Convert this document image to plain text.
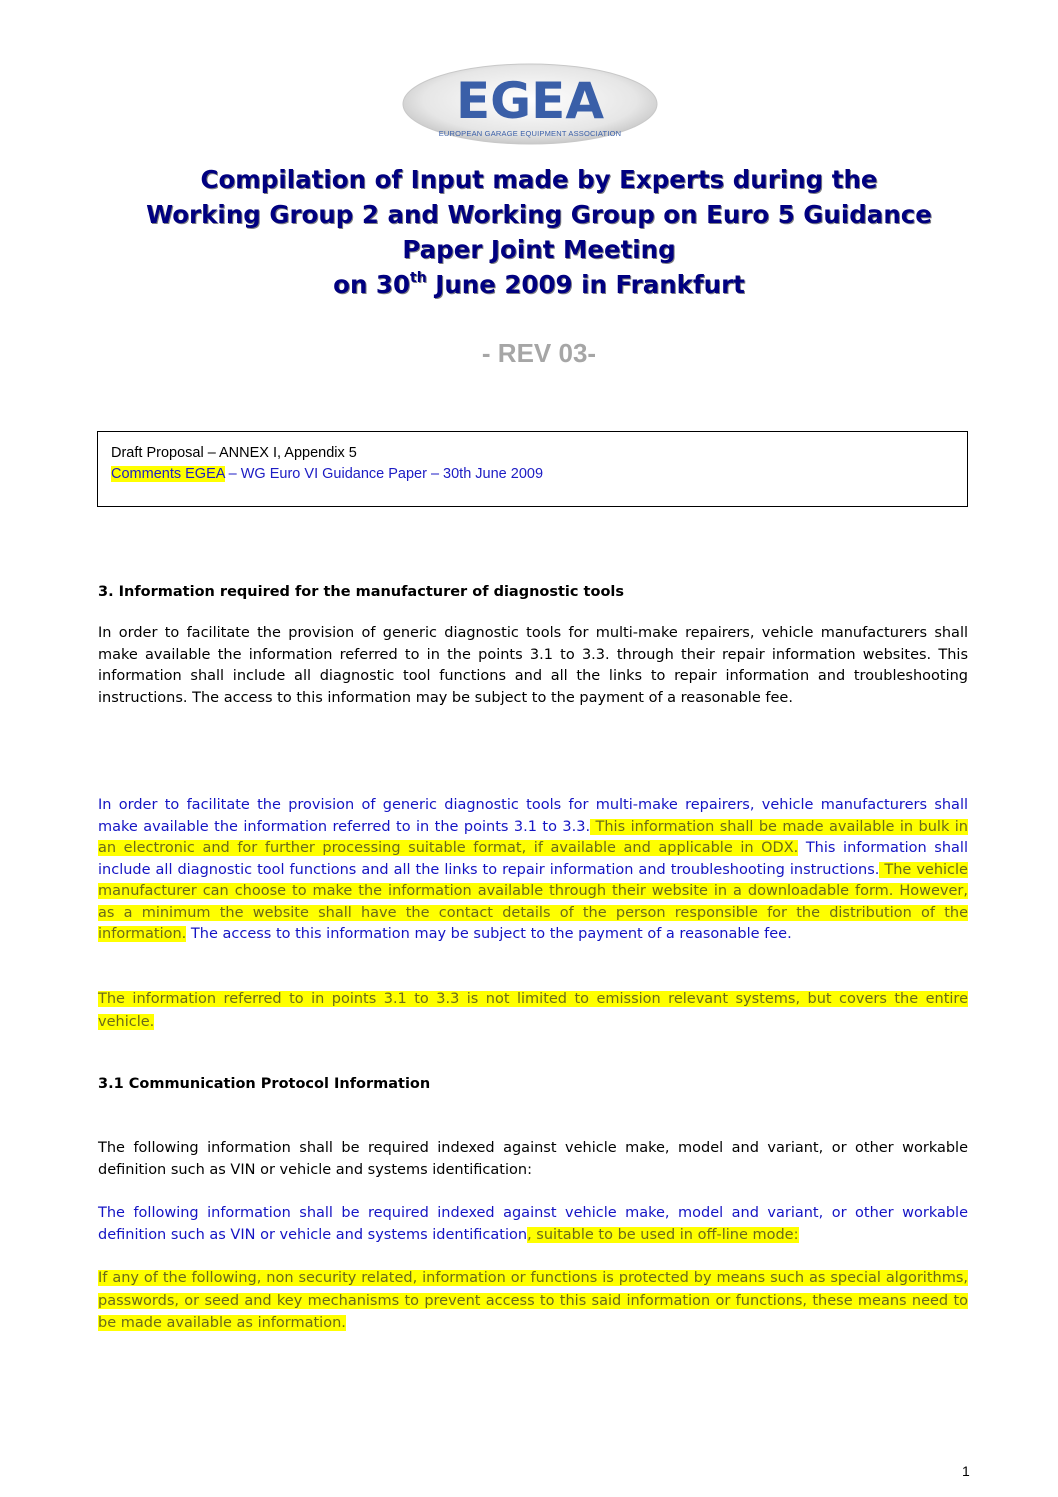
EGEA
EUROPEAN GARAGE EQUIPMENT ASSOCIATION
Compilation of Input made by Experts during the
Working Group 2 and Working Group on Euro 5 Guidance
Paper Joint Meeting
on 30th June 2009 in Frankfurt
- REV 03-
Draft Proposal – ANNEX I, Appendix 5
Comments EGEA – WG Euro VI Guidance Paper – 30th June 2009
3. Information required for the manufacturer of diagnostic tools
In order to facilitate the provision of generic diagnostic tools for multi-make repairers, vehicle manufacturers shall make available the information referred to in the points 3.1 to 3.3. through their repair information websites. This information shall include all diagnostic tool functions and all the links to repair information and troubleshooting instructions. The access to this information may be subject to the payment of a reasonable fee.
In order to facilitate the provision of generic diagnostic tools for multi-make repairers, vehicle manufacturers shall make available the information referred to in the points 3.1 to 3.3. This information shall be made available in bulk in an electronic and for further processing suitable format, if available and applicable in ODX. This information shall include all diagnostic tool functions and all the links to repair information and troubleshooting instructions. The vehicle manufacturer can choose to make the information available through their website in a downloadable form. However, as a minimum the website shall have the contact details of the person responsible for the distribution of the information. The access to this information may be subject to the payment of a reasonable fee.
The information referred to in points 3.1 to 3.3 is not limited to emission relevant systems, but covers the entire vehicle.
3.1 Communication Protocol Information
The following information shall be required indexed against vehicle make, model and variant, or other workable definition such as VIN or vehicle and systems identification:
The following information shall be required indexed against vehicle make, model and variant, or other workable definition such as VIN or vehicle and systems identification, suitable to be used in off-line mode:
If any of the following, non security related, information or functions is protected by means such as special algorithms, passwords, or seed and key mechanisms to prevent access to this said information or functions, these means need to be made available as information.
1
